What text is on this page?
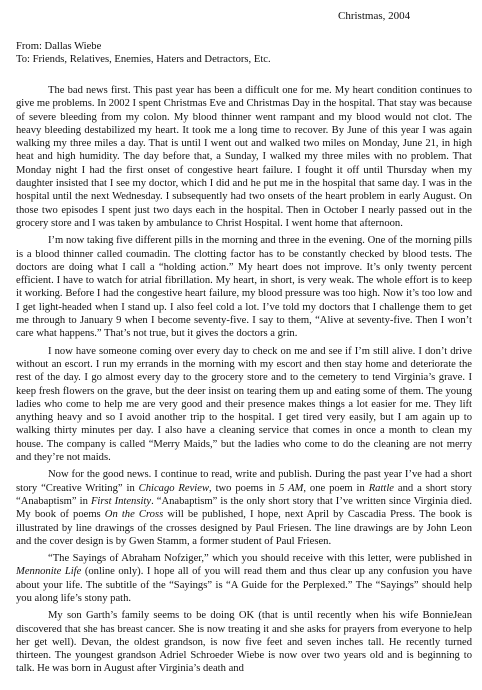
Christmas, 2004
From: Dallas Wiebe
To: Friends, Relatives, Enemies, Haters and Detractors, Etc.

The bad news first. This past year has been a difficult one for me. My heart condition continues to give me problems. In 2002 I spent Christmas Eve and Christmas Day in the hospital. That stay was because of severe bleeding from my colon. My blood thinner went rampant and my blood would not clot. The heavy bleeding destabilized my heart. It took me a long time to recover. By June of this year I was again walking my three miles a day. That is until I went out and walked two miles on Monday, June 21, in high heat and high humidity. The day before that, a Sunday, I walked my three miles with no problem. That Monday night I had the first onset of congestive heart failure. I fought it off until Thursday when my daughter insisted that I see my doctor, which I did and he put me in the hospital that same day. I was in the hospital until the next Wednesday. I subsequently had two onsets of the heart problem in early August. On those two episodes I spent just two days each in the hospital. Then in October I nearly passed out in the grocery store and I was taken by ambulance to Christ Hospital. I went home that afternoon.

I’m now taking five different pills in the morning and three in the evening. One of the morning pills is a blood thinner called coumadin. The clotting factor has to be constantly checked by blood tests. The doctors are doing what I call a “holding action.” My heart does not improve. It’s only twenty percent efficient. I have to watch for atrial fibrillation. My heart, in short, is very weak. The whole effort is to keep it working. Before I had the congestive heart failure, my blood pressure was too high. Now it’s too low and I get light-headed when I stand up. I also feel cold a lot. I’ve told my doctors that I challenge them to get me through to January 9 when I become seventy-five. I say to them, “Alive at seventy-five. Then I won’t care what happens.” That’s not true, but it gives the doctors a grin.

I now have someone coming over every day to check on me and see if I’m still alive. I don’t drive without an escort. I run my errands in the morning with my escort and then stay home and deteriorate the rest of the day. I go almost every day to the grocery store and to the cemetery to tend Virginia’s grave. I keep fresh flowers on the grave, but the deer insist on tearing them up and eating some of them. The young ladies who come to help me are very good and their presence makes things a lot easier for me. They lift anything heavy and so I avoid another trip to the hospital. I get tired very easily, but I am again up to walking thirty minutes per day. I also have a cleaning service that comes in once a month to clean my house. The company is called “Merry Maids,” but the ladies who come to do the cleaning are not merry and they’re not maids.

Now for the good news. I continue to read, write and publish. During the past year I’ve had a short story “Creative Writing” in Chicago Review, two poems in 5 AM, one poem in Rattle and a short story “Anabaptism” in First Intensity. “Anabaptism” is the only short story that I’ve written since Virginia died. My book of poems On the Cross will be published, I hope, next April by Cascadia Press. The book is illustrated by line drawings of the crosses designed by Paul Friesen. The line drawings are by John Leon and the cover design is by Gwen Stamm, a former student of Paul Friesen.

“The Sayings of Abraham Nofziger,” which you should receive with this letter, were published in Mennonite Life (online only). I hope all of you will read them and thus clear up any confusion you have about your life. The subtitle of the “Sayings” is “A Guide for the Perplexed.” The “Sayings” should help you along life’s stony path.

My son Garth’s family seems to be doing OK (that is until recently when his wife BonnieJean discovered that she has breast cancer. She is now treating it and she asks for prayers from everyone to help her get well). Devan, the oldest grandson, is now five feet and seven inches tall. He recently turned thirteen. The youngest grandson Adriel Schroeder Wiebe is now over two years old and is beginning to talk. He was born in August after Virginia’s death and
